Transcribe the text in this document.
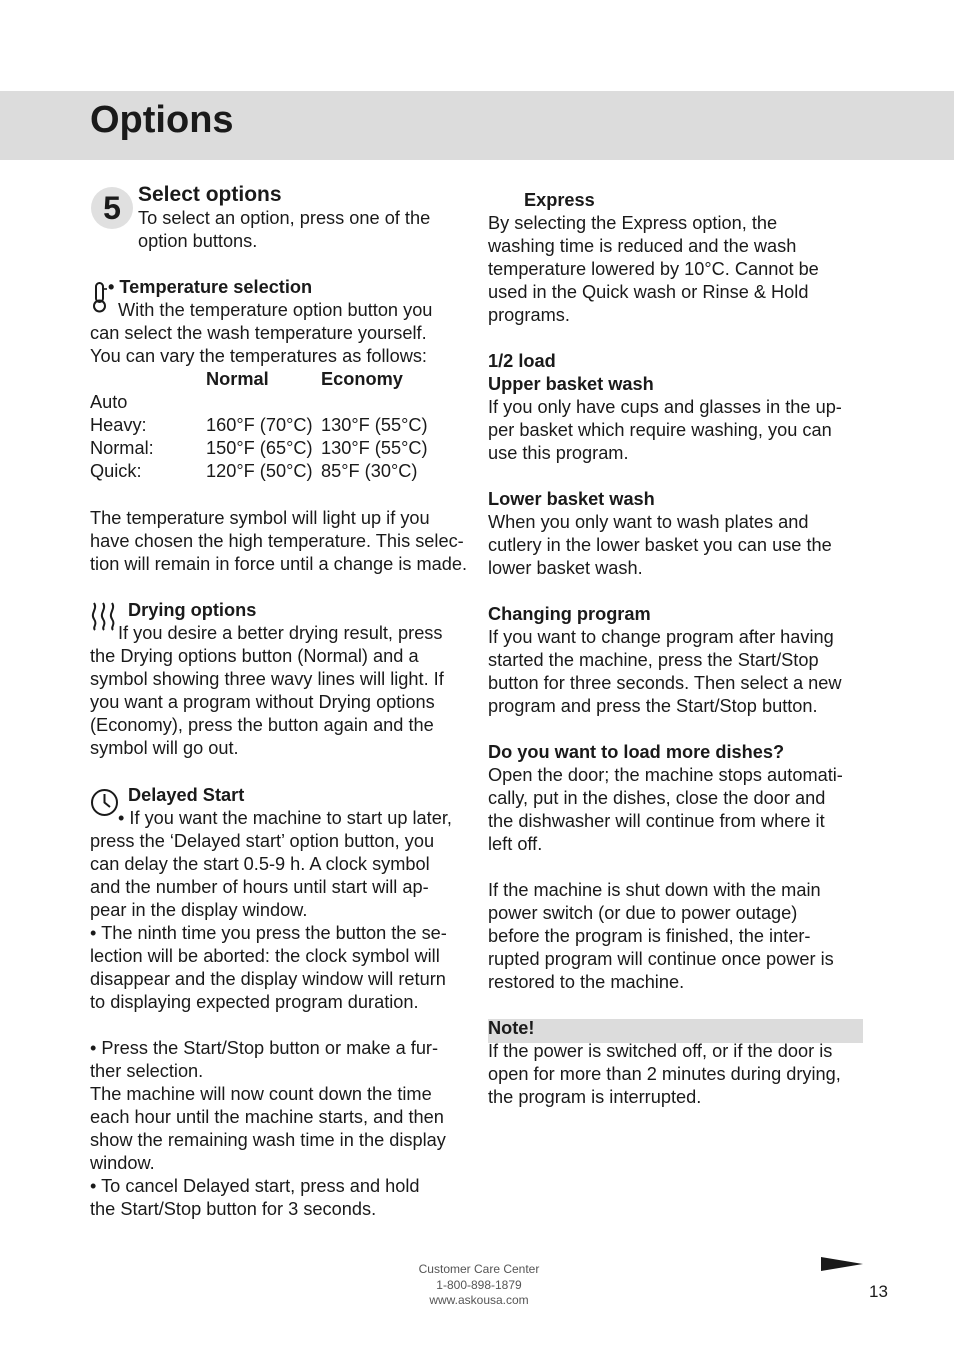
Options
5 Select options

To select an option, press one of the

option buttons.

• Temperature selection

With the temperature option button you

can select the wash temperature yourself.

You can vary the temperatures as follows:

Normal	Economy
Auto
Heavy:	160°F (70°C) 130°F (55°C)
Normal:	150°F (65°C) 130°F (55°C)
Quick:	120°F (50°C) 85°F (30°C)

The temperature symbol will light up if you

have chosen the high temperature. This selec-

tion will remain in force until a change is made.

Drying options

If you desire a better drying result, press

the Drying options button (Normal) and a

symbol showing three wavy lines will light. If

you want a program without Drying options

(Economy), press the button again and the

symbol will go out.

Delayed Start

• If you want the machine to start up later,

press the ‘Delayed start’ option button, you

can delay the start 0.5-9 h. A clock symbol

and the number of hours until start will ap-

pear in the display window.

• The ninth time you press the button the se-

lection will be aborted: the clock symbol will

disappear and the display window will return

to displaying expected program duration.

• Press the Start/Stop button or make a fur-

ther selection.

The machine will now count down the time

each hour until the machine starts, and then

show the remaining wash time in the display

window.

• To cancel Delayed start, press and hold

the Start/Stop button for 3 seconds.

Express

By selecting the Express option, the

washing time is reduced and the wash

temperature lowered by 10°C. Cannot be

used in the Quick wash or Rinse & Hold

programs.

1/2 load

Upper basket wash

If you only have cups and glasses in the up-

per basket which require washing, you can

use this program.

Lower basket wash

When you only want to wash plates and

cutlery in the lower basket you can use the

lower basket wash.

Changing program

If you want to change program after having

started the machine, press the Start/Stop

button for three seconds. Then select a new

program and press the Start/Stop button.

Do you want to load more dishes?

Open the door; the machine stops automati-

cally, put in the dishes, close the door and

the dishwasher will continue from where it

left off.

If the machine is shut down with the main

power switch (or due to power outage)

before the program is finished, the inter-

rupted program will continue once power is

restored to the machine.

Note!

If the power is switched off, or if the door is

open for more than 2 minutes during drying,

the program is interrupted.

Customer Care Center
1-800-898-1879
www.askousa.com	13
